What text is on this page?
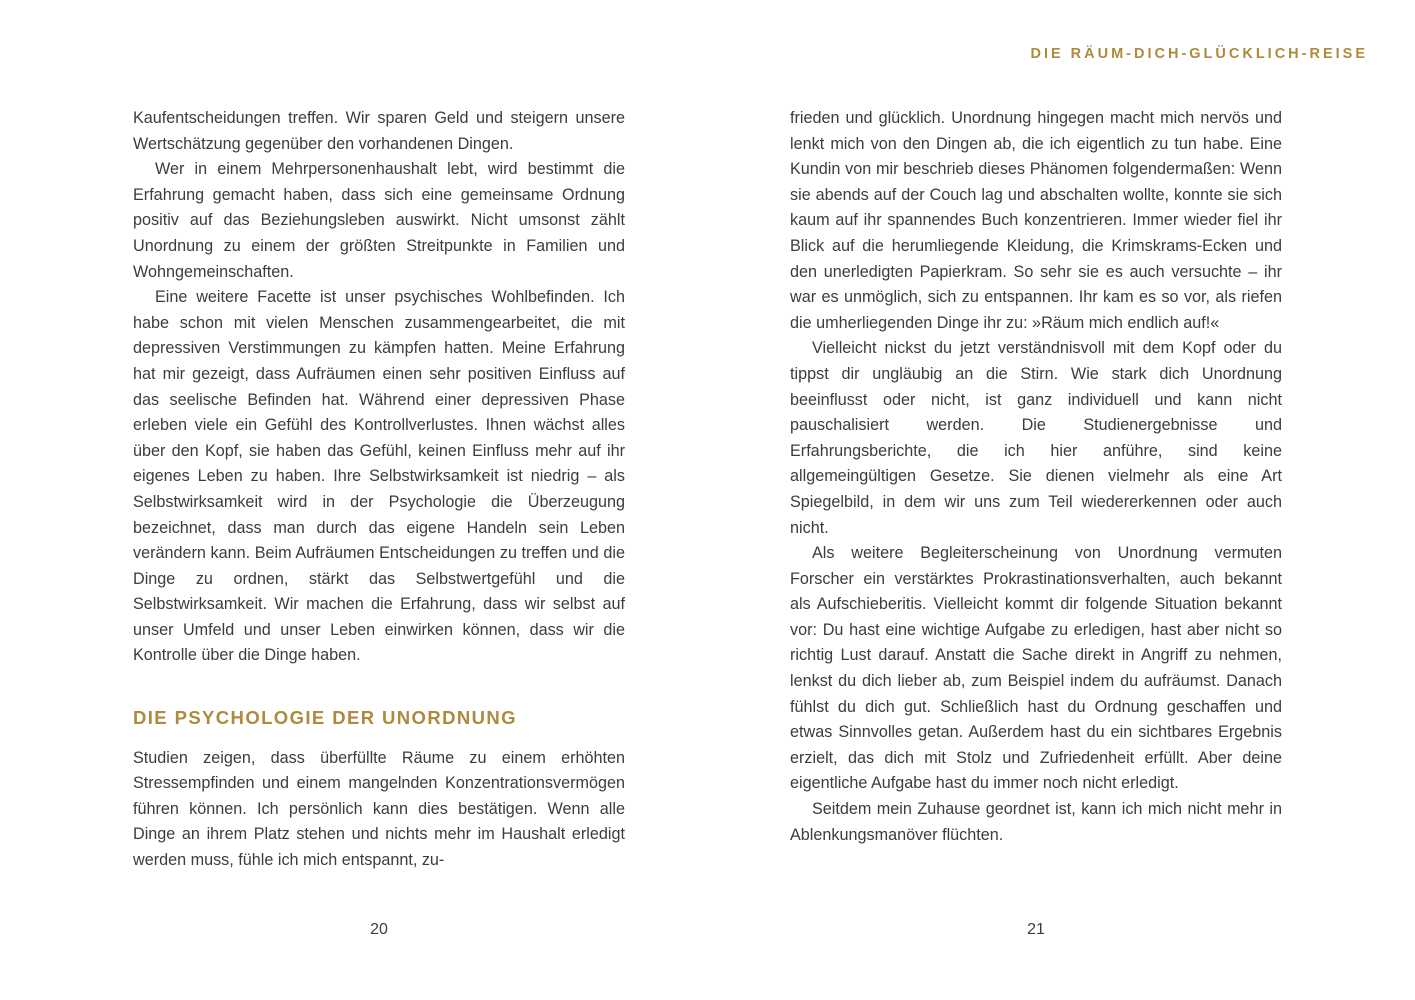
DIE RÄUM-DICH-GLÜCKLICH-REISE

Kaufentscheidungen treffen. Wir sparen Geld und steigern unsere Wertschätzung gegenüber den vorhandenen Dingen.

Wer in einem Mehrpersonenhaushalt lebt, wird bestimmt die Erfahrung gemacht haben, dass sich eine gemeinsame Ordnung positiv auf das Beziehungsleben auswirkt. Nicht umsonst zählt Unordnung zu einem der größten Streitpunkte in Familien und Wohngemeinschaften.

Eine weitere Facette ist unser psychisches Wohlbefinden. Ich habe schon mit vielen Menschen zusammengearbeitet, die mit depressiven Verstimmungen zu kämpfen hatten. Meine Erfahrung hat mir gezeigt, dass Aufräumen einen sehr positiven Einfluss auf das seelische Befinden hat. Während einer depressiven Phase erleben viele ein Gefühl des Kontrollverlustes. Ihnen wächst alles über den Kopf, sie haben das Gefühl, keinen Einfluss mehr auf ihr eigenes Leben zu haben. Ihre Selbstwirksamkeit ist niedrig – als Selbstwirksamkeit wird in der Psychologie die Überzeugung bezeichnet, dass man durch das eigene Handeln sein Leben verändern kann. Beim Aufräumen Entscheidungen zu treffen und die Dinge zu ordnen, stärkt das Selbstwertgefühl und die Selbstwirksamkeit. Wir machen die Erfahrung, dass wir selbst auf unser Umfeld und unser Leben einwirken können, dass wir die Kontrolle über die Dinge haben.

DIE PSYCHOLOGIE DER UNORDNUNG

Studien zeigen, dass überfüllte Räume zu einem erhöhten Stressempfinden und einem mangelnden Konzentrationsvermögen führen können. Ich persönlich kann dies bestätigen. Wenn alle Dinge an ihrem Platz stehen und nichts mehr im Haushalt erledigt werden muss, fühle ich mich entspannt, zu-

frieden und glücklich. Unordnung hingegen macht mich nervös und lenkt mich von den Dingen ab, die ich eigentlich zu tun habe. Eine Kundin von mir beschrieb dieses Phänomen folgendermaßen: Wenn sie abends auf der Couch lag und abschalten wollte, konnte sie sich kaum auf ihr spannendes Buch konzentrieren. Immer wieder fiel ihr Blick auf die herumliegende Kleidung, die Krimskrams-Ecken und den unerledigten Papierkram. So sehr sie es auch versuchte – ihr war es unmöglich, sich zu entspannen. Ihr kam es so vor, als riefen die umherliegenden Dinge ihr zu: »Räum mich endlich auf!«

Vielleicht nickst du jetzt verständnisvoll mit dem Kopf oder du tippst dir ungläubig an die Stirn. Wie stark dich Unordnung beeinflusst oder nicht, ist ganz individuell und kann nicht pauschalisiert werden. Die Studienergebnisse und Erfahrungsberichte, die ich hier anführe, sind keine allgemeingültigen Gesetze. Sie dienen vielmehr als eine Art Spiegelbild, in dem wir uns zum Teil wiedererkennen oder auch nicht.

Als weitere Begleiterscheinung von Unordnung vermuten Forscher ein verstärktes Prokrastinationsverhalten, auch bekannt als Aufschieberitis. Vielleicht kommt dir folgende Situation bekannt vor: Du hast eine wichtige Aufgabe zu erledigen, hast aber nicht so richtig Lust darauf. Anstatt die Sache direkt in Angriff zu nehmen, lenkst du dich lieber ab, zum Beispiel indem du aufräumst. Danach fühlst du dich gut. Schließlich hast du Ordnung geschaffen und etwas Sinnvolles getan. Außerdem hast du ein sichtbares Ergebnis erzielt, das dich mit Stolz und Zufriedenheit erfüllt. Aber deine eigentliche Aufgabe hast du immer noch nicht erledigt.

Seitdem mein Zuhause geordnet ist, kann ich mich nicht mehr in Ablenkungsmanöver flüchten.

20	21
